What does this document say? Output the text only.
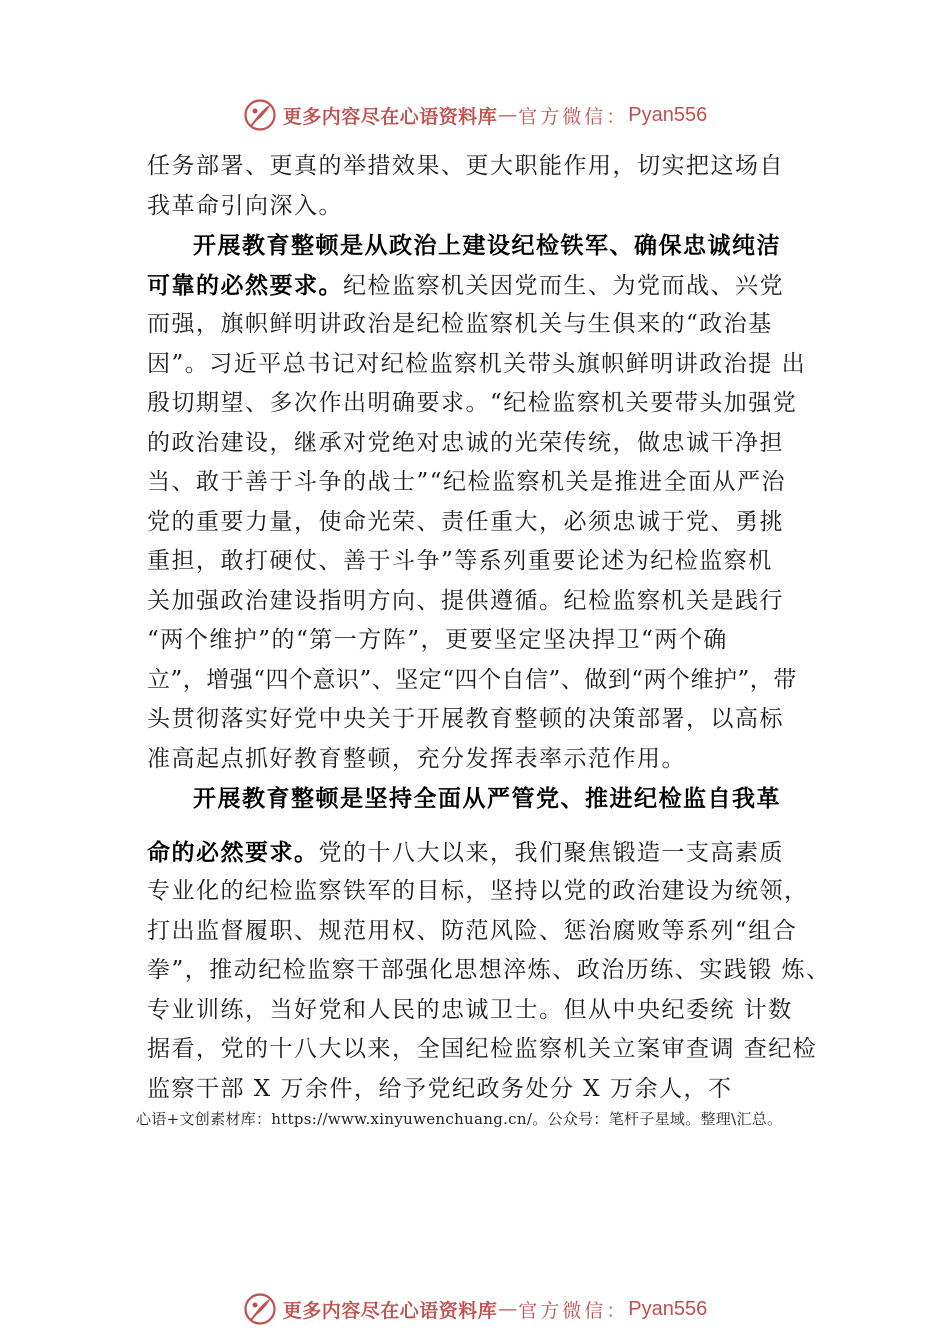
更多内容尽在心语资料库 — 官方微信： Pyan556
任务部署、更真的举措效果、更大职能作用，切实把这场自
我革命引向深入。
开展教育整顿是从政治上建设纪检铁军、确保忠诚纯洁
可靠的必然要求。纪检监察机关因党而生、为党而战、兴党
而强，旗帜鲜明讲政治是纪检监察机关与生俱来的“政治基
因”。习近平总书记对纪检监察机关带头旗帜鲜明讲政治提 出
殷切期望、多次作出明确要求。“纪检监察机关要带头加强党
的政治建设，继承对党绝对忠诚的光荣传统，做忠诚干净担
当、敢于善于斗争的战士”“纪检监察机关是推进全面从严治
党的重要力量，使命光荣、责任重大，必须忠诚于党、勇挑
重担，敢打硬仗、善于斗争”等系列重要论述为纪检监察机
关加强政治建设指明方向、提供遵循。纪检监察机关是践行
“两个维护”的“第一方阵”，更要坚定坚决捍卫“两个确
立”，增强“四个意识”、坚定“四个自信”、做到“两个维护”，带
头贯彻落实好党中央关于开展教育整顿的决策部署，以高标
准高起点抓好教育整顿，充分发挥表率示范作用。
开展教育整顿是坚持全面从严管党、推进纪检监自我革
命的必然要求。党的十八大以来，我们聚焦锻造一支高素质
专业化的纪检监察铁军的目标，坚持以党的政治建设为统领，
打出监督履职、规范用权、防范风险、惩治腐败等系列“组合
拳”，推动纪检监察干部强化思想淬炼、政治历练、实践锻 炼、
专业训练，当好党和人民的忠诚卫士。但从中央纪委统 计数
据看，党的十八大以来，全国纪检监察机关立案审查调 查纪检
监察干部 X 万余件，给予党纪政务处分 X 万余人，不
心语+文创素材库：https://www.xinyuwenchuang.cn/。公众号：笔杆子星域。整理\汇总。
更多内容尽在心语资料库 — 官方微信： Pyan556
